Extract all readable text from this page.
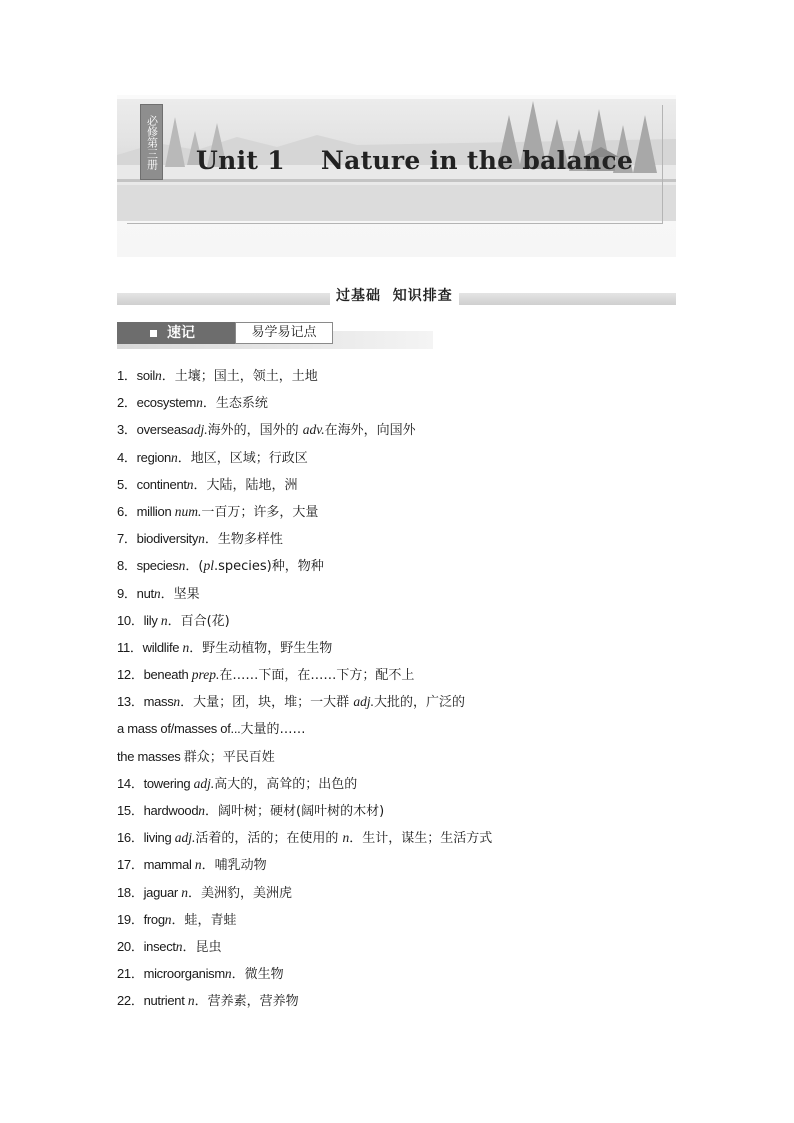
必修第三册 Unit 1    Nature in the balance
过基础  知识排查
速记	易学易记点
1．soiln．土壤；国土，领土，土地
2．ecosystemn．生态系统
3．overseasadj.海外的，国外的 adv.在海外，向国外
4．regionn．地区，区域；行政区
5．continentn．大陆，陆地，洲
6．million num.一百万；许多，大量
7．biodiversityn．生物多样性
8．speciesn．(pl.species)种，物种
9．nutn．坚果
10．lily n．百合(花)
11．wildlife n．野生动植物，野生生物
12．beneath prep.在……下面，在……下方；配不上
13．massn．大量；团，块，堆；一大群 adj.大批的，广泛的
a mass of/masses of...大量的……
the masses 群众；平民百姓
14．towering adj.高大的，高耸的；出色的
15．hardwoodn．阔叶树；硬材(阔叶树的木材)
16．living adj.活着的，活的；在使用的 n．生计，谋生；生活方式
17．mammal n．哺乳动物
18．jaguar n．美洲豹，美洲虎
19．frogn．蛙，青蛙
20．insectn．昆虫
21．microorganismn．微生物
22．nutrient n．营养素，营养物
